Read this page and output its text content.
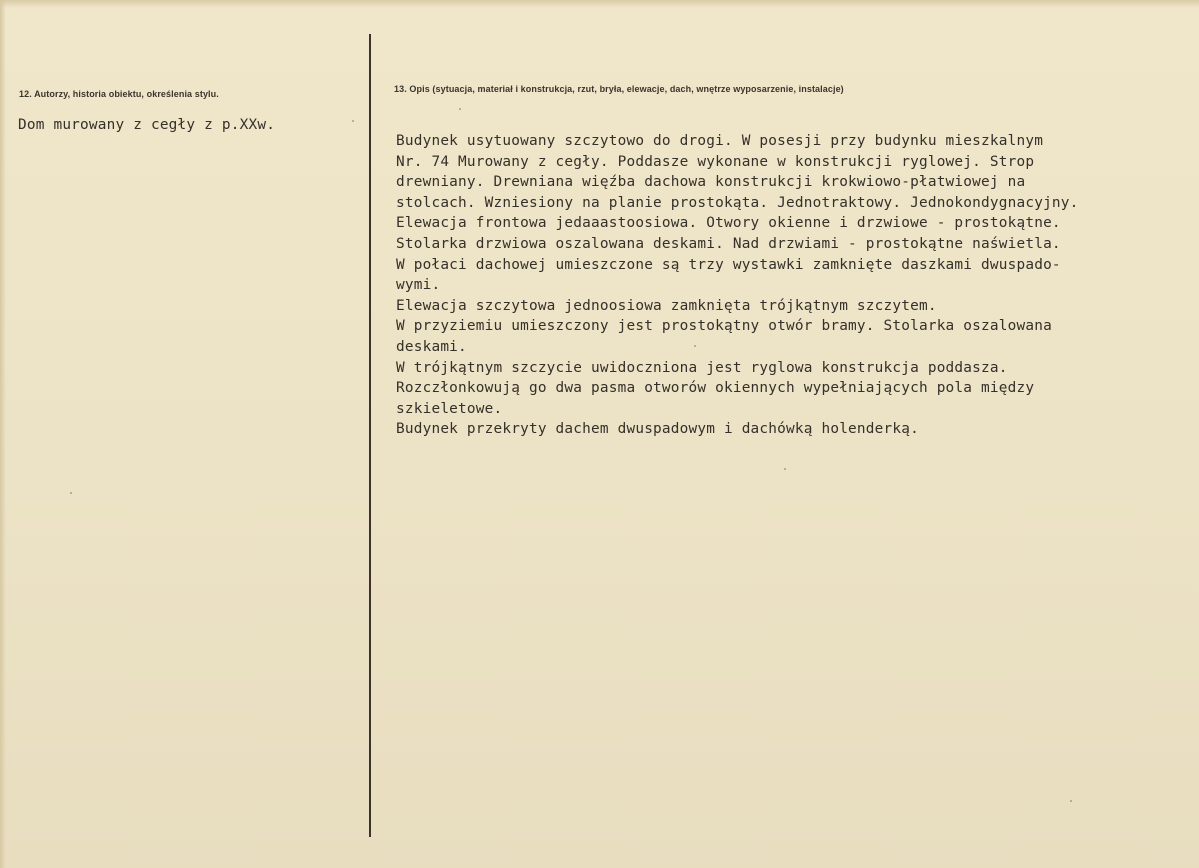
12. Autorzy, historia obiektu, określenia stylu.
Dom murowany z cegły z p.XXw.
13. Opis (sytuacja, materiał i konstrukcja, rzut, bryła, elewacje, dach, wnętrze wyposarzenie, instalacje)
Budynek usytuowany szczytowo do drogi. W posesji przy budynku mieszkalnym
Nr. 74 Murowany z cegły. Poddasze wykonane w konstrukcji ryglowej. Strop
drewniany. Drewniana więźba dachowa konstrukcji krokwiowo-płatwiowej na
stolcach. Wzniesiony na planie prostokąta. Jednotraktowy. Jednokondygnacyjny.
Elewacja frontowa jedaaastoosiowa. Otwory okienne i drzwiowe - prostokątne.
Stolarka drzwiowa oszalowana deskami. Nad drzwiami - prostokątne naświetla.
W połaci dachowej umieszczone są trzy wystawki zamknięte daszkami dwuspado-
wymi.
Elewacja szczytowa jednoosiowa zamknięta trójkątnym szczytem.
W przyziemiu umieszczony jest prostokątny otwór bramy. Stolarka oszalowana
deskami.
W trójkątnym szczycie uwidoczniona jest ryglowa konstrukcja poddasza.
Rozczłonkowują go dwa pasma otworów okiennych wypełniających pola między
szkieletowe.
Budynek przekryty dachem dwuspadowym i dachówką holenderką.
